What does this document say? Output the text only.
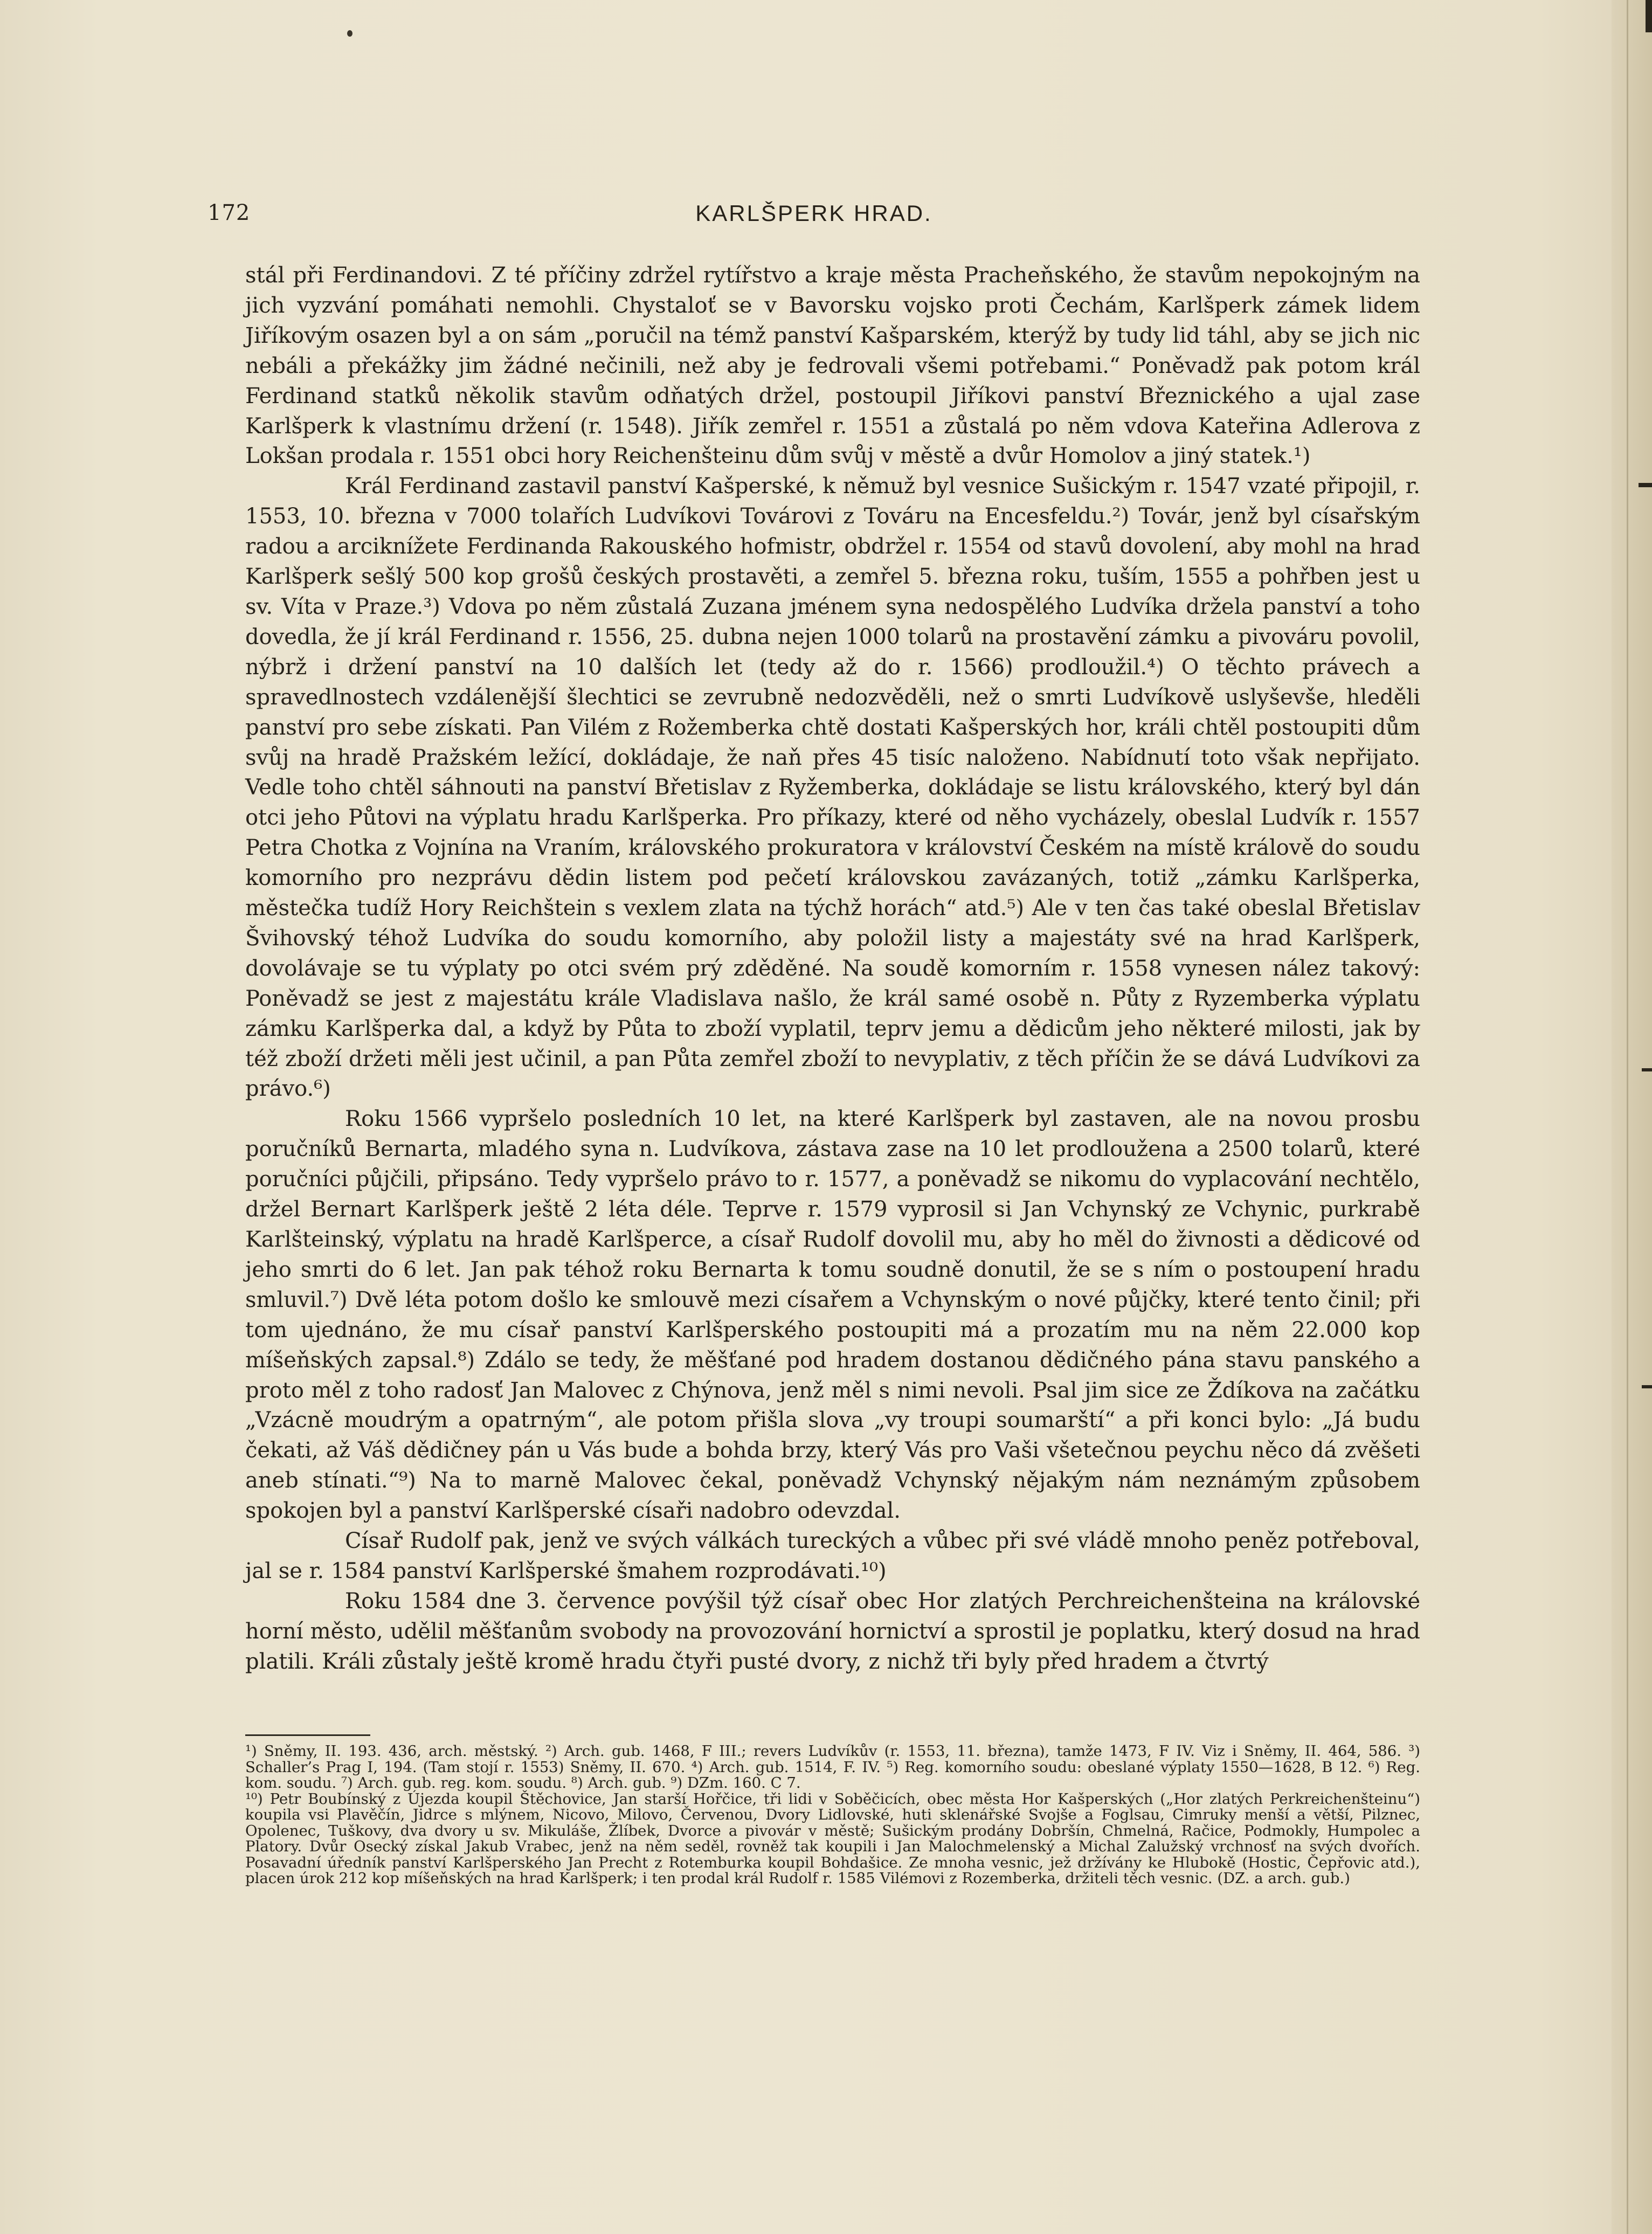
172	KARLŠPERK HRAD.

stál při Ferdinandovi. Z té příčiny zdržel rytířstvo a kraje města Pracheňského, že stavům nepokojným na jich vyzvání pomáhati nemohli. Chystaloť se v Bavorsku vojsko proti Čechám, Karlšperk zámek lidem Jiříkovým osazen byl a on sám „poručil na témž panství Kašparském, kterýž by tudy lid táhl, aby se jich nic nebáli a překážky jim žádné nečinili, než aby je fedrovali všemi potřebami.“ Poněvadž pak potom král Ferdinand statků několik stavům odňatých držel, postoupil Jiříkovi panství Březnického a ujal zase Karlšperk k vlastnímu držení (r. 1548). Jiřík zemřel r. 1551 a zůstalá po něm vdova Kateřina Adlerova z Lokšan prodala r. 1551 obci hory Reichenšteinu dům svůj v městě a dvůr Homolov a jiný statek.¹)

Král Ferdinand zastavil panství Kašperské, k němuž byl vesnice Sušickým r. 1547 vzaté připojil, r. 1553, 10. března v 7000 tolařích Ludvíkovi Továrovi z Továru na Encesfeldu.²) Továr, jenž byl císařským radou a arciknížete Ferdinanda Rakouského hofmistr, obdržel r. 1554 od stavů dovolení, aby mohl na hrad Karlšperk sešlý 500 kop grošů českých prostavěti, a zemřel 5. března roku, tuším, 1555 a pohřben jest u sv. Víta v Praze.³) Vdova po něm zůstalá Zuzana jménem syna nedospělého Ludvíka držela panství a toho dovedla, že jí král Ferdinand r. 1556, 25. dubna nejen 1000 tolarů na prostavění zámku a pivováru povolil, nýbrž i držení panství na 10 dalších let (tedy až do r. 1566) prodloužil.⁴) O těchto právech a spravedlnostech vzdálenější šlechtici se zevrubně nedozvěděli, než o smrti Ludvíkově uslyševše, hleděli panství pro sebe získati. Pan Vilém z Rožemberka chtě dostati Kašperských hor, králi chtěl postoupiti dům svůj na hradě Pražském ležící, dokládaje, že naň přes 45 tisíc naloženo. Nabídnutí toto však nepřijato. Vedle toho chtěl sáhnouti na panství Břetislav z Ryžemberka, dokládaje se listu královského, který byl dán otci jeho Půtovi na výplatu hradu Karlšperka. Pro příkazy, které od něho vycházely, obeslal Ludvík r. 1557 Petra Chotka z Vojnína na Vraním, královského prokuratora v království Českém na místě králově do soudu komorního pro nezprávu dědin listem pod pečetí královskou zavázaných, totiž „zámku Karlšperka, městečka tudíž Hory Reichštein s vexlem zlata na týchž horách“ atd.⁵) Ale v ten čas také obeslal Břetislav Švihovský téhož Ludvíka do soudu komorního, aby položil listy a majestáty své na hrad Karlšperk, dovolávaje se tu výplaty po otci svém prý zděděné. Na soudě komorním r. 1558 vynesen nález takový: Poněvadž se jest z majestátu krále Vladislava našlo, že král samé osobě n. Půty z Ryzemberka výplatu zámku Karlšperka dal, a když by Půta to zboží vyplatil, teprv jemu a dědicům jeho některé milosti, jak by též zboží držeti měli jest učinil, a pan Půta zemřel zboží to nevyplativ, z těch příčin že se dává Ludvíkovi za právo.⁶)

Roku 1566 vypršelo posledních 10 let, na které Karlšperk byl zastaven, ale na novou prosbu poručníků Bernarta, mladého syna n. Ludvíkova, zástava zase na 10 let prodloužena a 2500 tolarů, které poručníci půjčili, připsáno. Tedy vypršelo právo to r. 1577, a poněvadž se nikomu do vyplacování nechtělo, držel Bernart Karlšperk ještě 2 léta déle. Teprve r. 1579 vyprosil si Jan Vchynský ze Vchynic, purkrabě Karlšteinský, výplatu na hradě Karlšperce, a císař Rudolf dovolil mu, aby ho měl do živnosti a dědicové od jeho smrti do 6 let. Jan pak téhož roku Bernarta k tomu soudně donutil, že se s ním o postoupení hradu smluvil.⁷) Dvě léta potom došlo ke smlouvě mezi císařem a Vchynským o nové půjčky, které tento činil; při tom ujednáno, že mu císař panství Karlšperského postoupiti má a prozatím mu na něm 22.000 kop míšeňských zapsal.⁸) Zdálo se tedy, že měšťané pod hradem dostanou dědičného pána stavu panského a proto měl z toho radosť Jan Malovec z Chýnova, jenž měl s nimi nevoli. Psal jim sice ze Ždíkova na začátku „Vzácně moudrým a opatrným“, ale potom přišla slova „vy troupi soumarští“ a při konci bylo: „Já budu čekati, až Váš dědičney pán u Vás bude a bohda brzy, který Vás pro Vaši všetečnou peychu něco dá zvěšeti aneb stínati.“⁹) Na to marně Malovec čekal, poněvadž Vchynský nějakým nám neznámým způsobem spokojen byl a panství Karlšperské císaři nadobro odevzdal.

Císař Rudolf pak, jenž ve svých válkách tureckých a vůbec při své vládě mnoho peněz potřeboval, jal se r. 1584 panství Karlšperské šmahem rozprodávati.¹⁰)

Roku 1584 dne 3. července povýšil týž císař obec Hor zlatých Perchreichenšteina na královské horní město, udělil měšťanům svobody na provozování hornictví a sprostil je poplatku, který dosud na hrad platili. Králi zůstaly ještě kromě hradu čtyři pusté dvory, z nichž tři byly před hradem a čtvrtý

¹) Sněmy, II. 193. 436, arch. městský. ²) Arch. gub. 1468, F III.; revers Ludvíkův (r. 1553, 11. března), tamže 1473, F IV. Viz i Sněmy, II. 464, 586. ³) Schaller’s Prag I, 194. (Tam stojí r. 1553) Sněmy, II. 670. ⁴) Arch. gub. 1514, F. IV. ⁵) Reg. komorního soudu: obeslané výplaty 1550—1628, B 12. ⁶) Reg. kom. soudu. ⁷) Arch. gub. reg. kom. soudu. ⁸) Arch. gub. ⁹) DZm. 160. C 7.

¹⁰) Petr Boubínský z Újezda koupil Štěchovice, Jan starší Hořčice, tři lidi v Soběčicích, obec města Hor Kašperských („Hor zlatých Perkreichenšteinu“) koupila vsi Plavěčín, Jidrce s mlýnem, Nicovo, Milovo, Červenou, Dvory Lidlovské, huti sklenářské Svojše a Foglsau, Cimruky menší a větší, Pilznec, Opolenec, Tuškovy, dva dvory u sv. Mikuláše, Žlíbek, Dvorce a pivovár v městě; Sušickým prodány Dobršín, Chmelná, Račice, Podmokly, Humpolec a Platory. Dvůr Osecký získal Jakub Vrabec, jenž na něm seděl, rovněž tak koupili i Jan Malochmelenský a Michal Zalužský vrchnosť na svých dvořích. Posavadní úředník panství Karlšperského Jan Precht z Rotemburka koupil Bohdašice. Ze mnoha vesnic, jež držívány ke Hlubokě (Hostic, Čepřovic atd.), placen úrok 212 kop míšeňských na hrad Karlšperk; i ten prodal král Rudolf r. 1585 Vilémovi z Rozemberka, držiteli těch vesnic. (DZ. a arch. gub.)
